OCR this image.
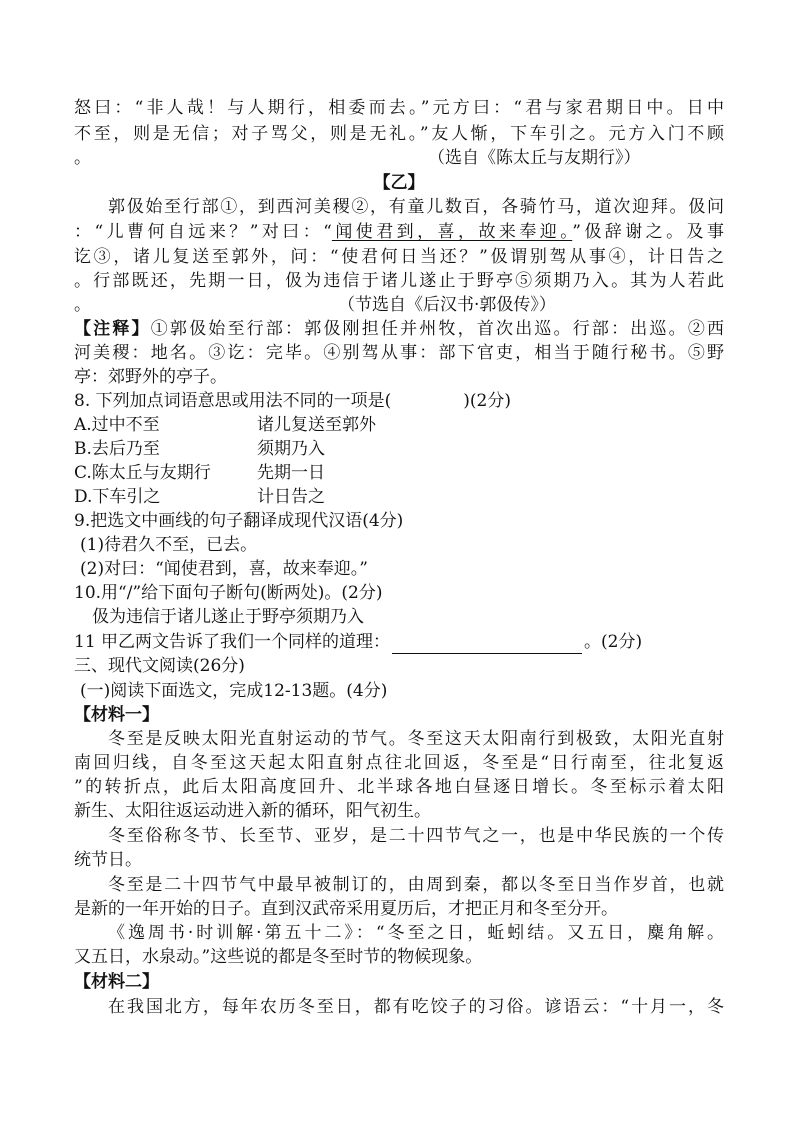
怒曰：“非人哉！与人期行，相委而去。”元方曰：“君与家君期日中。日中
不至，则是无信；对子骂父，则是无礼。”友人惭，下车引之。元方入门不顾
。	（选自《陈太丘与友期行》）
【乙】
郭伋始至行部①，到西河美稷②，有童儿数百，各骑竹马，道次迎拜。伋问
：“儿曹何自远来？”对曰：“闻使君到，喜，故来奉迎。”伋辞谢之。及事
讫③，诸儿复送至郭外，问：“使君何日当还？”伋谓别驾从事④，计日告之
。行部既还，先期一日，伋为违信于诸儿遂止于野亭⑤须期乃入。其为人若此
。	（节选自《后汉书·郭伋传》）
【注释】①郭伋始至行部：郭伋刚担任并州牧，首次出巡。行部：出巡。②西
河美稷：地名。③讫：完毕。④别驾从事：部下官吏，相当于随行秘书。⑤野
亭：郊野外的亭子。
8. 下列加点词语意思或用法不同的一项是(	)(2分)
A.过中不至	诸儿复送至郭外
B.去后乃至	须期乃入
C.陈太丘与友期行	先期一日
D.下车引之	计日告之
9.把选文中画线的句子翻译成现代汉语(4分)
(1)待君久不至，已去。
(2)对曰：“闻使君到，喜，故来奉迎。”
10.用“/”给下面句子断句(断两处)。(2分)
伋为违信于诸儿遂止于野亭须期乃入
11 甲乙两文告诉了我们一个同样的道理：	。(2分)
三、现代文阅读(26分)
(一)阅读下面选文，完成12-13题。(4分)
【材料一】
冬至是反映太阳光直射运动的节气。冬至这天太阳南行到极致，太阳光直射
南回归线，自冬至这天起太阳直射点往北回返，冬至是“日行南至，往北复返
”的转折点，此后太阳高度回升、北半球各地白昼逐日增长。冬至标示着太阳
新生、太阳往返运动进入新的循环，阳气初生。
冬至俗称冬节、长至节、亚岁，是二十四节气之一，也是中华民族的一个传
统节日。
冬至是二十四节气中最早被制订的，由周到秦，都以冬至日当作岁首，也就
是新的一年开始的日子。直到汉武帝采用夏历后，才把正月和冬至分开。
《逸周书·时训解·第五十二》：“冬至之日，蚯蚓结。又五日，麋角解。
又五日，水泉动。”这些说的都是冬至时节的物候现象。
【材料二】
在我国北方，每年农历冬至日，都有吃饺子的习俗。谚语云：“十月一，冬
